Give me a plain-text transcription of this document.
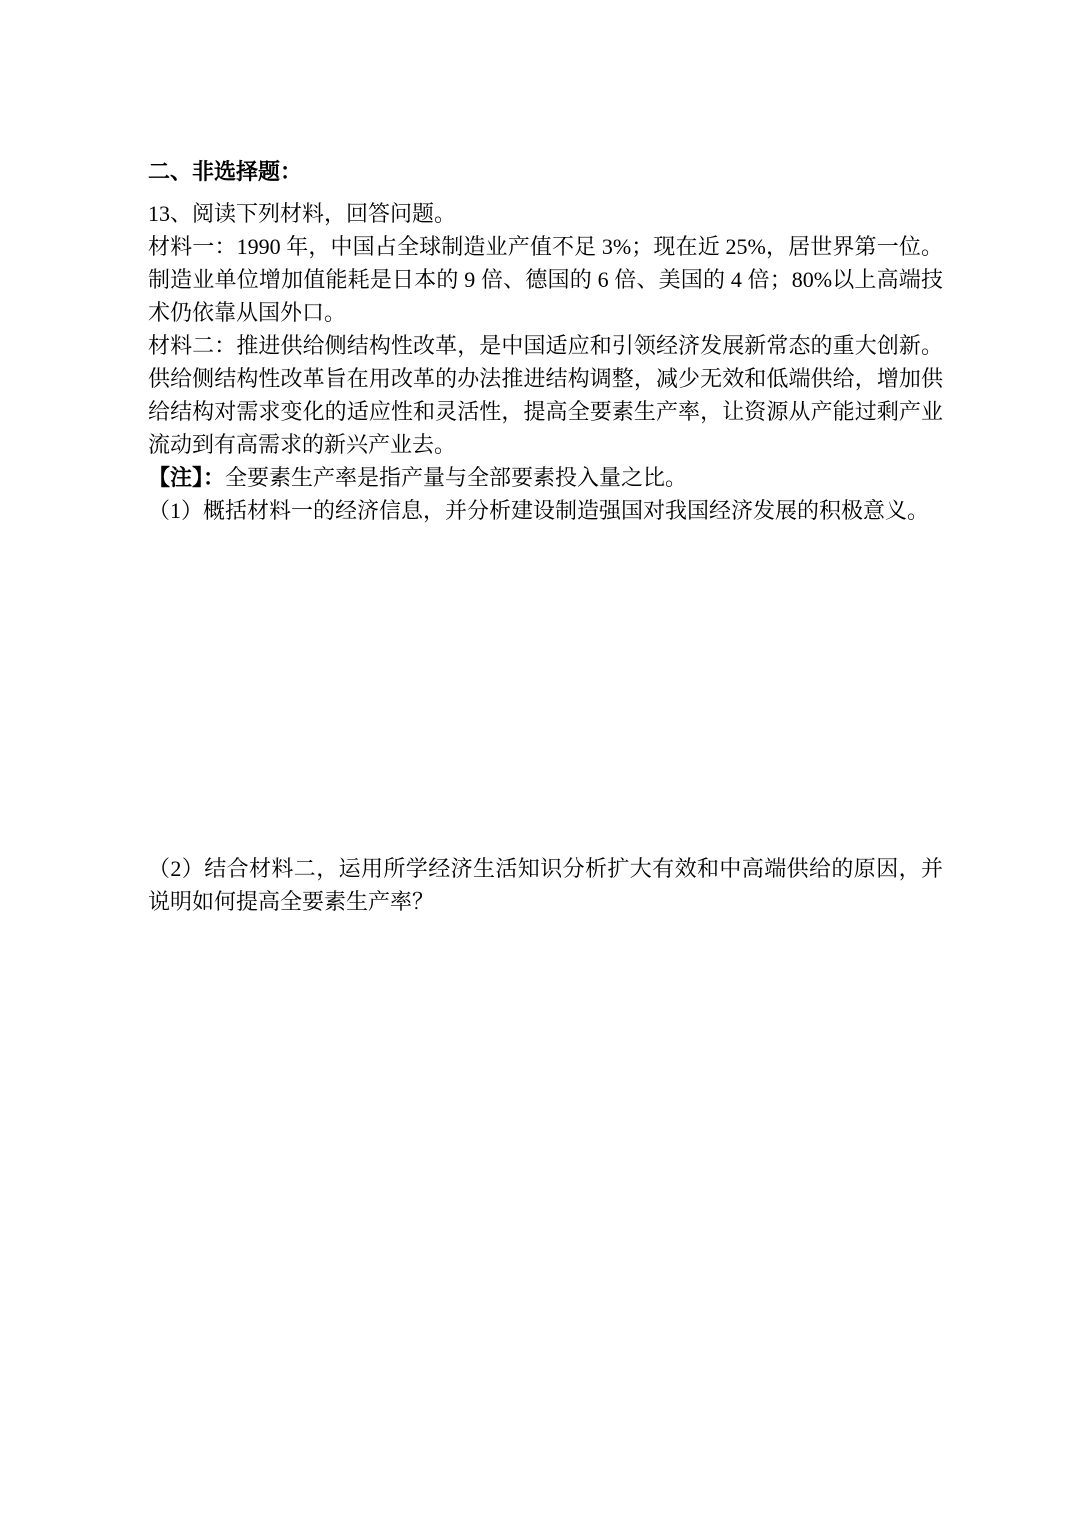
二、非选择题：

13、阅读下列材料，回答问题。

材料一：1990 年，中国占全球制造业产值不足 3%；现在近 25%，居世界第一位。制造业单位增加值能耗是日本的 9 倍、德国的 6 倍、美国的 4 倍；80%以上高端技术仍依靠从国外口。

材料二：推进供给侧结构性改革，是中国适应和引领经济发展新常态的重大创新。供给侧结构性改革旨在用改革的办法推进结构调整，减少无效和低端供给，增加供给结构对需求变化的适应性和灵活性，提高全要素生产率，让资源从产能过剩产业流动到有高需求的新兴产业去。

【注】：全要素生产率是指产量与全部要素投入量之比。

（1）概括材料一的经济信息，并分析建设制造强国对我国经济发展的积极意义。

（2）结合材料二，运用所学经济生活知识分析扩大有效和中高端供给的原因，并说明如何提高全要素生产率？
